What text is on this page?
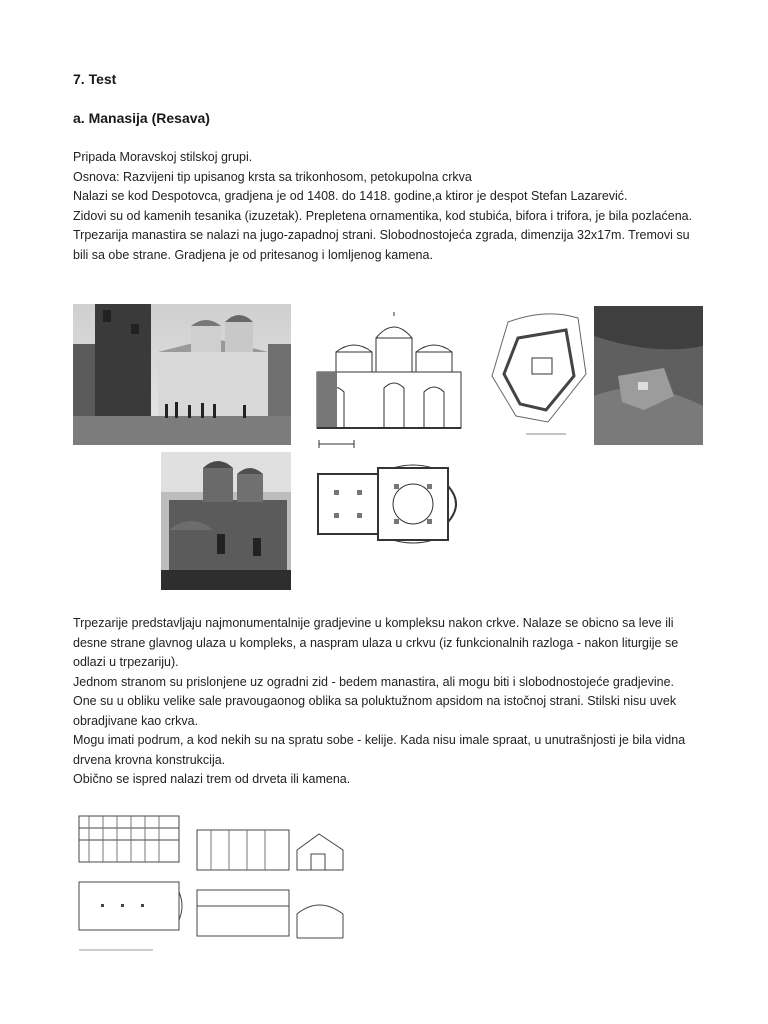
7. Test
a. Manasija (Resava)

Pripada Moravskoj stilskoj grupi.

Osnova: Razvijeni tip upisanog krsta sa trikonhosom, petokupolna crkva

Nalazi se kod Despotovca, gradjena je od 1408. do 1418. godine,a ktiror je despot Stefan Lazarević.

Zidovi su od kamenih tesanika (izuzetak). Prepletena ornamentika, kod stubića, bifora i trifora, je bila pozlaćena.

Trpezarija manastira se nalazi na jugo-zapadnoj strani. Slobodnostojeća zgrada, dimenzija 32x17m. Tremovi su bili sa obe strane. Gradjena je od pritesanog i lomljenog kamena.

Trpezarije predstavljaju najmonumentalnije gradjevine u kompleksu nakon crkve. Nalaze se obicno sa leve ili desne strane glavnog ulaza u kompleks, a naspram ulaza u crkvu (iz funkcionalnih razloga - nakon liturgije se odlazi u trpezariju).

Jednom stranom su prislonjene uz ogradni zid - bedem manastira, ali mogu biti i slobodnostojeće gradjevine. One su u obliku velike sale pravougaonog oblika sa poluktužnom apsidom na istočnoj strani. Stilski nisu uvek obradjivane kao crkva.

Mogu imati podrum, a kod nekih su na spratu sobe - kelije. Kada nisu imale spraat, u unutrašnjosti je bila vidna drvena krovna konstrukcija.

Obično se ispred nalazi trem od drveta ili kamena.
